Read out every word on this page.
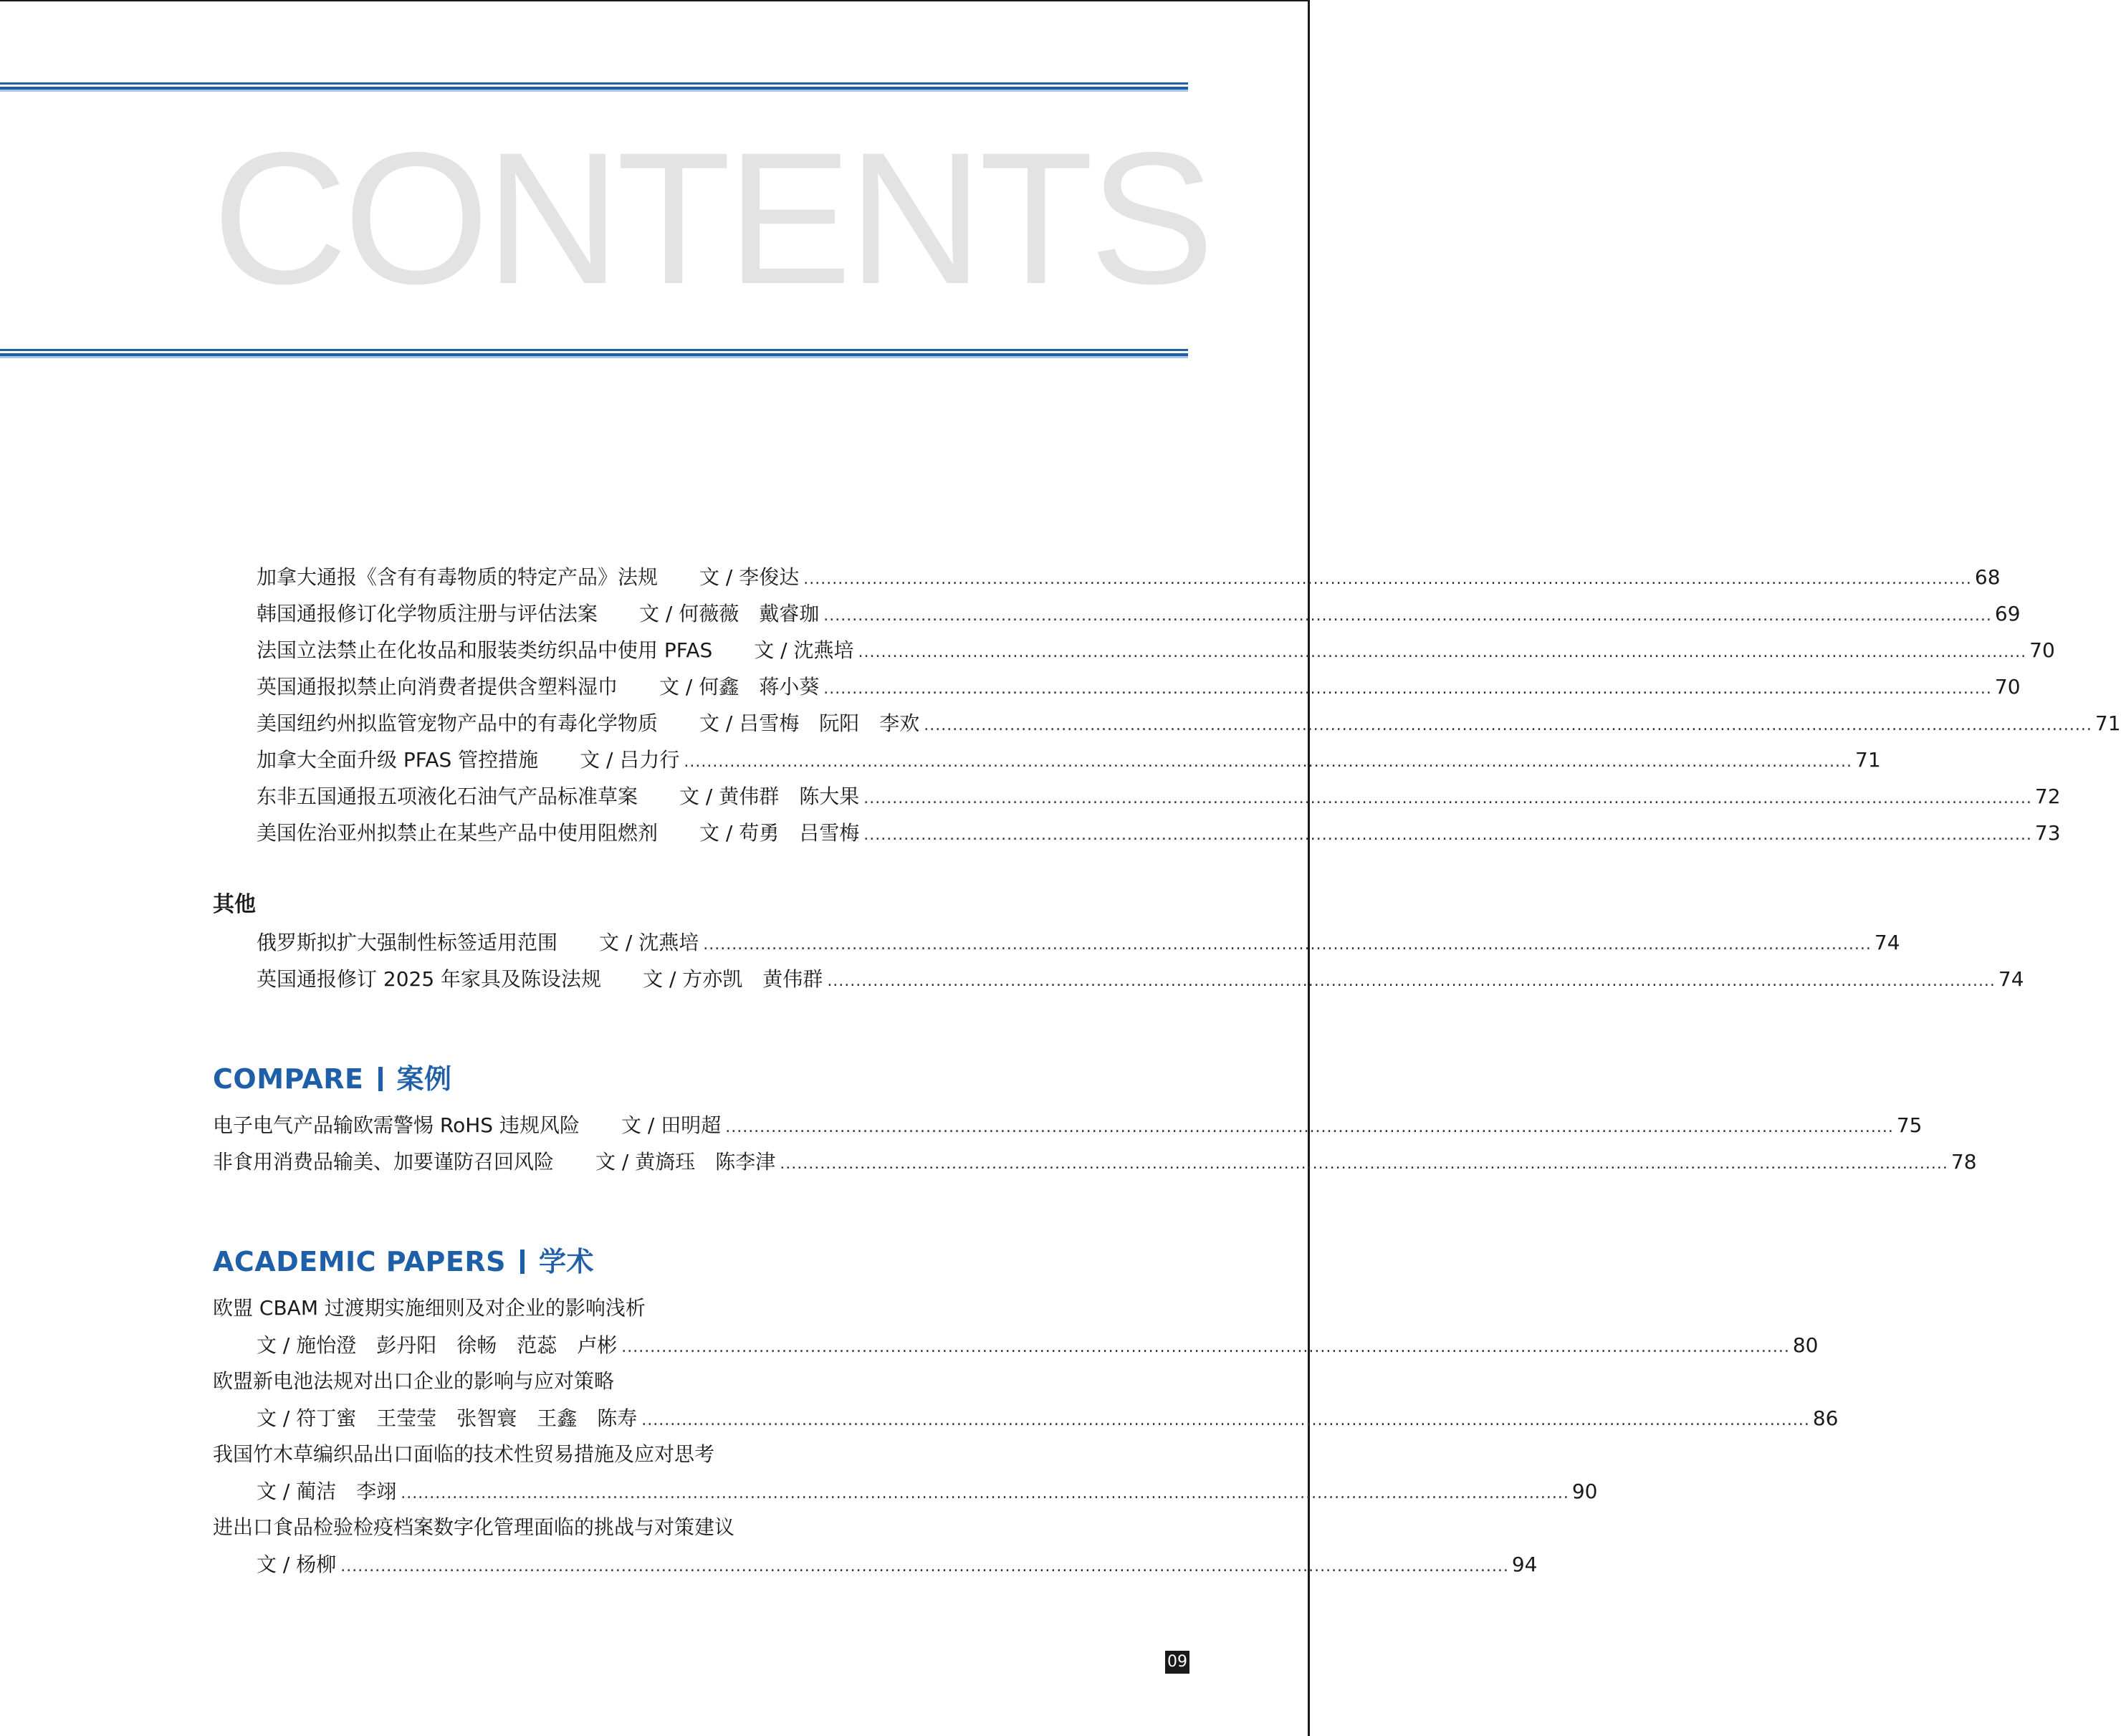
CONTENTS
加拿大通报《含有有毒物质的特定产品》法规 文 / 李俊达 ............................................................................................................................................................................................................ 68
韩国通报修订化学物质注册与评估法案 文 / 何薇薇　戴睿珈 ............................................................................................................................................................................................................ 69
法国立法禁止在化妆品和服装类纺织品中使用 PFAS 文 / 沈燕培 ............................................................................................................................................................................................................ 70
英国通报拟禁止向消费者提供含塑料湿巾 文 / 何鑫　蒋小葵 ............................................................................................................................................................................................................ 70
美国纽约州拟监管宠物产品中的有毒化学物质 文 / 吕雪梅　阮阳　李欢 ............................................................................................................................................................................................................ 71
加拿大全面升级 PFAS 管控措施 文 / 吕力行 ............................................................................................................................................................................................................ 71
东非五国通报五项液化石油气产品标准草案 文 / 黄伟群　陈大果 ............................................................................................................................................................................................................ 72
美国佐治亚州拟禁止在某些产品中使用阻燃剂 文 / 苟勇　吕雪梅 ............................................................................................................................................................................................................ 73
其他
俄罗斯拟扩大强制性标签适用范围 文 / 沈燕培 ............................................................................................................................................................................................................ 74
英国通报修订 2025 年家具及陈设法规 文 / 方亦凯　黄伟群 ............................................................................................................................................................................................................ 74
COMPARE 案例
电子电气产品输欧需警惕 RoHS 违规风险 文 / 田明超 ............................................................................................................................................................................................................ 75
非食用消费品输美、加要谨防召回风险 文 / 黄旖珏　陈李津 ............................................................................................................................................................................................................ 78
ACADEMIC PAPERS 学术
欧盟 CBAM 过渡期实施细则及对企业的影响浅析
文 / 施怡澄　彭丹阳　徐畅　范蕊　卢彬 ............................................................................................................................................................................................................ 80
欧盟新电池法规对出口企业的影响与应对策略
文 / 符丁蜜　王莹莹　张智寰　王鑫　陈寿 ............................................................................................................................................................................................................ 86
我国竹木草编织品出口面临的技术性贸易措施及应对思考
文 / 蔺洁　李翊 ............................................................................................................................................................................................................ 90
进出口食品检验检疫档案数字化管理面临的挑战与对策建议
文 / 杨柳 ............................................................................................................................................................................................................ 94
09
